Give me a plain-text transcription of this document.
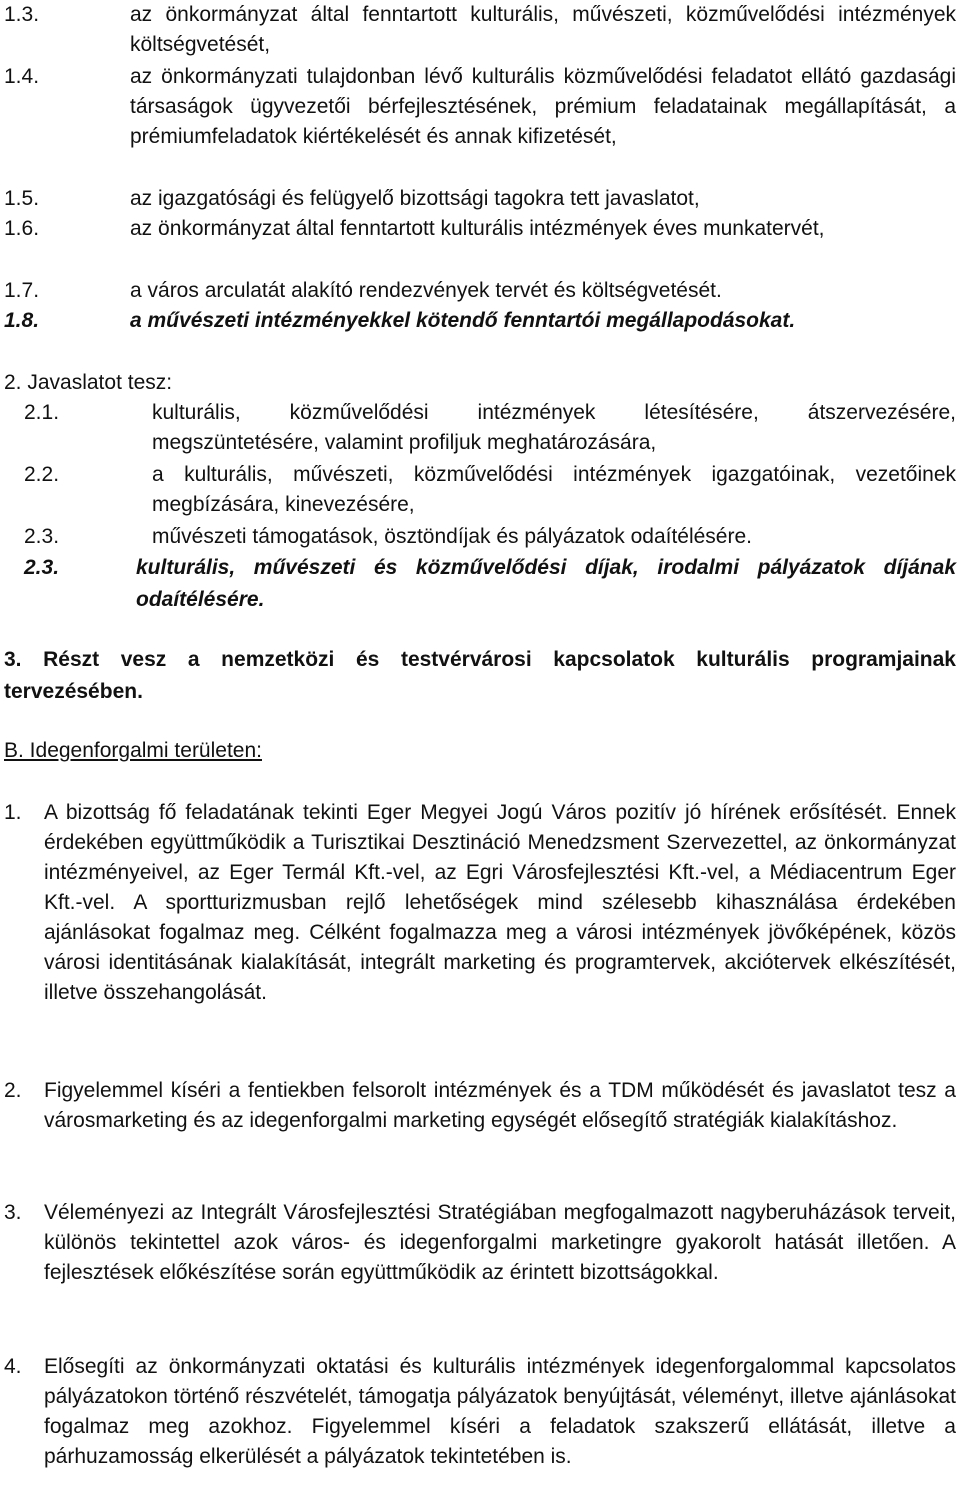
1.3.	az önkormányzat által fenntartott kulturális, művészeti, közművelődési intézmények költségvetését,
1.4.	az önkormányzati tulajdonban lévő kulturális közművelődési feladatot ellátó gazdasági társaságok ügyvezetői bérfejlesztésének, prémium feladatainak megállapítását, a prémiumfeladatok kiértékelését és annak kifizetését,
1.5.	az igazgatósági és felügyelő bizottsági tagokra tett javaslatot,
1.6.	az önkormányzat által fenntartott kulturális intézmények éves munkatervét,
1.7.	a város arculatát alakító rendezvények tervét és költségvetését.
1.8.	a művészeti intézményekkel kötendő fenntartói megállapodásokat.
2. Javaslatot tesz:
2.1.	kulturális, közművelődési intézmények létesítésére, átszervezésére, megszüntetésére, valamint profiljuk meghatározására,
2.2.	a kulturális, művészeti, közművelődési intézmények igazgatóinak, vezetőinek megbízására, kinevezésére,
2.3.	művészeti támogatások, ösztöndíjak és pályázatok odaítélésére.
2.3.	kulturális, művészeti és közművelődési díjak, irodalmi pályázatok díjának odaítélésére.
3. Részt vesz a nemzetközi és testvérvárosi kapcsolatok kulturális programjainak tervezésében.
B. Idegenforgalmi területen:
1. A bizottság fő feladatának tekinti Eger Megyei Jogú Város pozitív jó hírének erősítését. Ennek érdekében együttműködik a Turisztikai Desztináció Menedzsment Szervezettel, az önkormányzat intézményeivel, az Eger Termál Kft.-vel, az Egri Városfejlesztési Kft.-vel, a Médiacentrum Eger Kft.-vel. A sportturizmusban rejlő lehetőségek mind szélesebb kihasználása érdekében ajánlásokat fogalmaz meg. Célként fogalmazza meg a városi intézmények jövőképének, közös városi identitásának kialakítását, integrált marketing és programtervek, akciótervek elkészítését, illetve összehangolását.
2. Figyelemmel kíséri a fentiekben felsorolt intézmények és a TDM működését és javaslatot tesz a városmarketing és az idegenforgalmi marketing egységét elősegítő stratégiák kialakításhoz.
3. Véleményezi az Integrált Városfejlesztési Stratégiában megfogalmazott nagyberuházások terveit, különös tekintettel azok város- és idegenforgalmi marketingre gyakorolt hatását illetően. A fejlesztések előkészítése során együttműködik az érintett bizottságokkal.
4. Elősegíti az önkormányzati oktatási és kulturális intézmények idegenforgalommal kapcsolatos pályázatokon történő részvételét, támogatja pályázatok benyújtását, véleményt, illetve ajánlásokat fogalmaz meg azokhoz. Figyelemmel kíséri a feladatok szakszerű ellátását, illetve a párhuzamosság elkerülését a pályázatok tekintetében is.
